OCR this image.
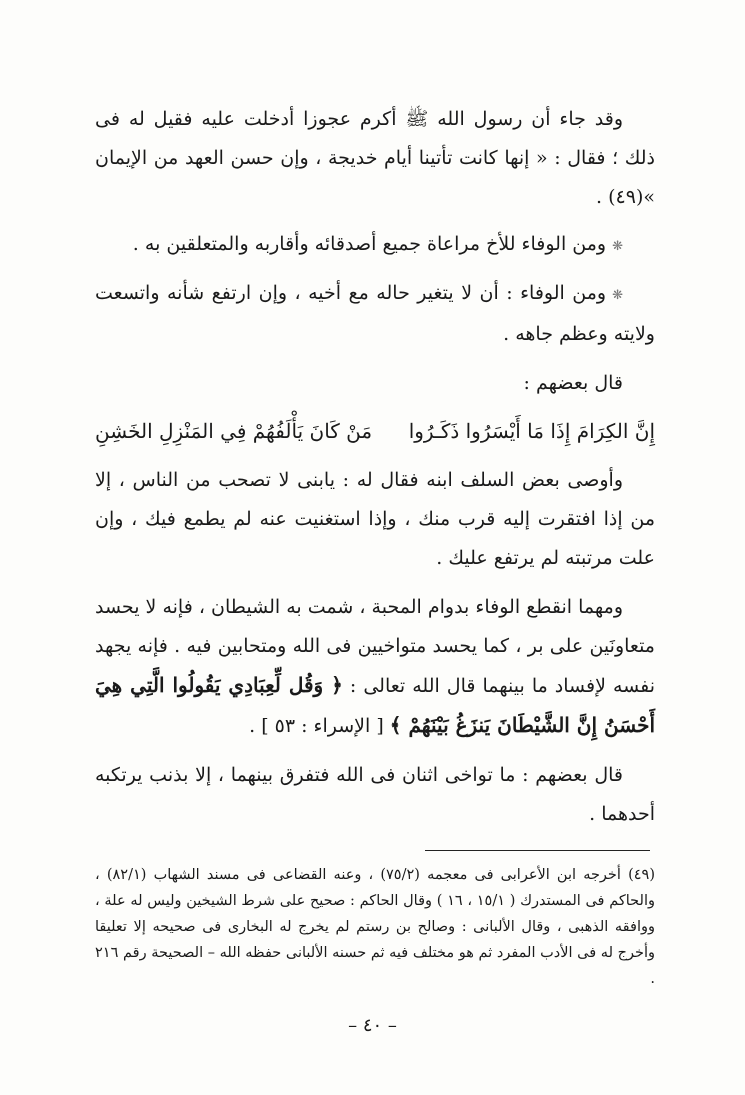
وقد جاء أن رسول الله ﷺ أكرم عجوزا أدخلت عليه فقيل له فى ذلك ؛ فقال : « إنها كانت تأتينا أيام خديجة ، وإن حسن العهد من الإيمان »(٤٩) .

❋ومن الوفاء للأخ مراعاة جميع أصدقائه وأقاربه والمتعلقين به .
❋ومن الوفاء : أن لا يتغير حاله مع أخيه ، وإن ارتفع شأنه واتسعت ولايته وعظم جاهه .

قال بعضهم :

إِنَّ الكِرَامَ إِذَا مَا أَيْسَرُوا ذَكَـرُوا
مَنْ كَانَ يَأْلَفُهُمْ فِي المَنْزِلِ الخَشِنِ

وأوصى بعض السلف ابنه فقال له : يابنى لا تصحب من الناس ، إلا من إذا افتقرت إليه قرب منك ، وإذا استغنيت عنه لم يطمع فيك ، وإن علت مرتبته لم يرتفع عليك .

ومهما انقطع الوفاء بدوام المحبة ، شمت به الشيطان ، فإنه لا يحسد متعاونَين على بر ، كما يحسد متواخيين فى الله ومتحابين فيه . فإنه يجهد نفسه لإفساد ما بينهما قال الله تعالى : ﴿ وَقُل لِّعِبَادِي يَقُولُوا الَّتِي هِيَ أَحْسَنُ إِنَّ الشَّيْطَانَ يَنزَغُ بَيْنَهُمْ ﴾ [ الإسراء : ٥٣ ] .

قال بعضهم : ما تواخى اثنان فى الله فتفرق بينهما ، إلا بذنب يرتكبه أحدهما .

(٤٩) أخرجه ابن الأعرابى فى معجمه (٧٥/٢) ، وعنه القضاعى فى مسند الشهاب (٨٢/١) ، والحاكم فى المستدرك ( ١٥/١ ، ١٦ ) وقال الحاكم : صحيح على شرط الشيخين وليس له علة ، ووافقه الذهبى ، وقال الألبانى : وصالح بن رستم لم يخرج له البخارى فى صحيحه إلا تعليقا وأخرج له فى الأدب المفرد ثم هو مختلف فيه ثم حسنه الألبانى حفظه الله – الصحيحة رقم ٢١٦ .
– ٤٠ –
